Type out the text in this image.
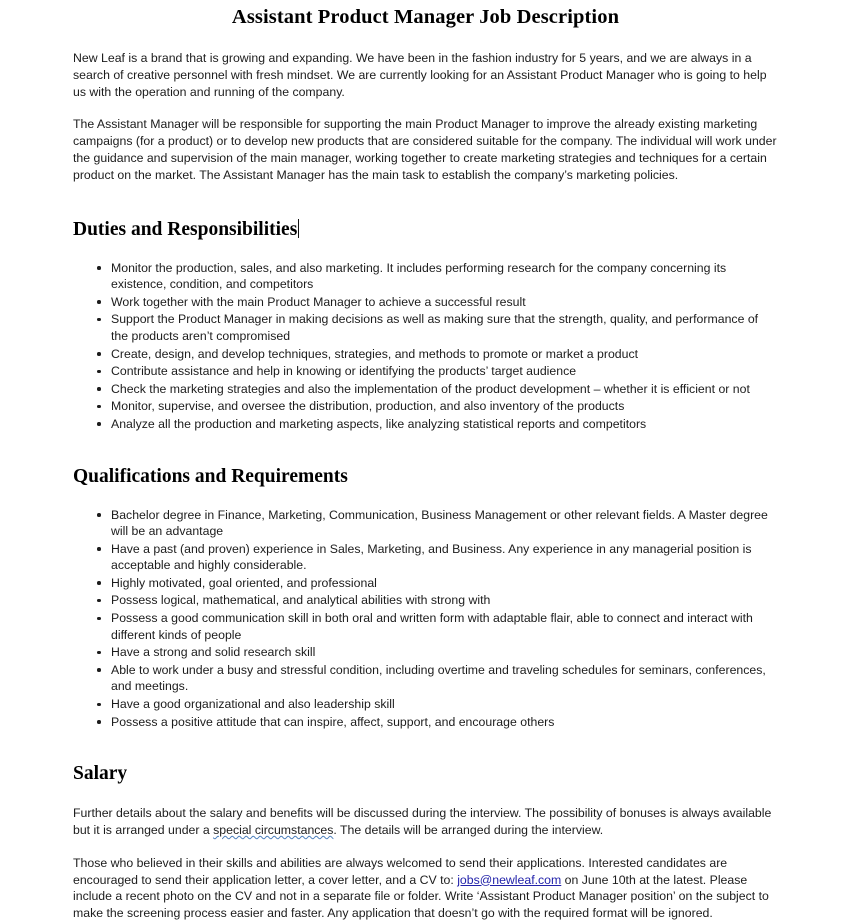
Assistant Product Manager Job Description

New Leaf is a brand that is growing and expanding. We have been in the fashion industry for 5 years, and we are always in a search of creative personnel with fresh mindset. We are currently looking for an Assistant Product Manager who is going to help us with the operation and running of the company.

The Assistant Manager will be responsible for supporting the main Product Manager to improve the already existing marketing campaigns (for a product) or to develop new products that are considered suitable for the company. The individual will work under the guidance and supervision of the main manager, working together to create marketing strategies and techniques for a certain product on the market. The Assistant Manager has the main task to establish the company’s marketing policies.

Duties and Responsibilities
Monitor the production, sales, and also marketing. It includes performing research for the company concerning its existence, condition, and competitors
Work together with the main Product Manager to achieve a successful result
Support the Product Manager in making decisions as well as making sure that the strength, quality, and performance of the products aren’t compromised
Create, design, and develop techniques, strategies, and methods to promote or market a product
Contribute assistance and help in knowing or identifying the products’ target audience
Check the marketing strategies and also the implementation of the product development – whether it is efficient or not
Monitor, supervise, and oversee the distribution, production, and also inventory of the products
Analyze all the production and marketing aspects, like analyzing statistical reports and competitors
Qualifications and Requirements
Bachelor degree in Finance, Marketing, Communication, Business Management or other relevant fields. A Master degree will be an advantage
Have a past (and proven) experience in Sales, Marketing, and Business. Any experience in any managerial position is acceptable and highly considerable.
Highly motivated, goal oriented, and professional
Possess logical, mathematical, and analytical abilities with strong with
Possess a good communication skill in both oral and written form with adaptable flair, able to connect and interact with different kinds of people
Have a strong and solid research skill
Able to work under a busy and stressful condition, including overtime and traveling schedules for seminars, conferences, and meetings.
Have a good organizational and also leadership skill
Possess a positive attitude that can inspire, affect, support, and encourage others
Salary

Further details about the salary and benefits will be discussed during the interview. The possibility of bonuses is always available but it is arranged under a special circumstances. The details will be arranged during the interview.

Those who believed in their skills and abilities are always welcomed to send their applications. Interested candidates are encouraged to send their application letter, a cover letter, and a CV to: jobs@newleaf.com on June 10th at the latest. Please include a recent photo on the CV and not in a separate file or folder. Write ‘Assistant Product Manager position’ on the subject to make the screening process easier and faster. Any application that doesn’t go with the required format will be ignored.
